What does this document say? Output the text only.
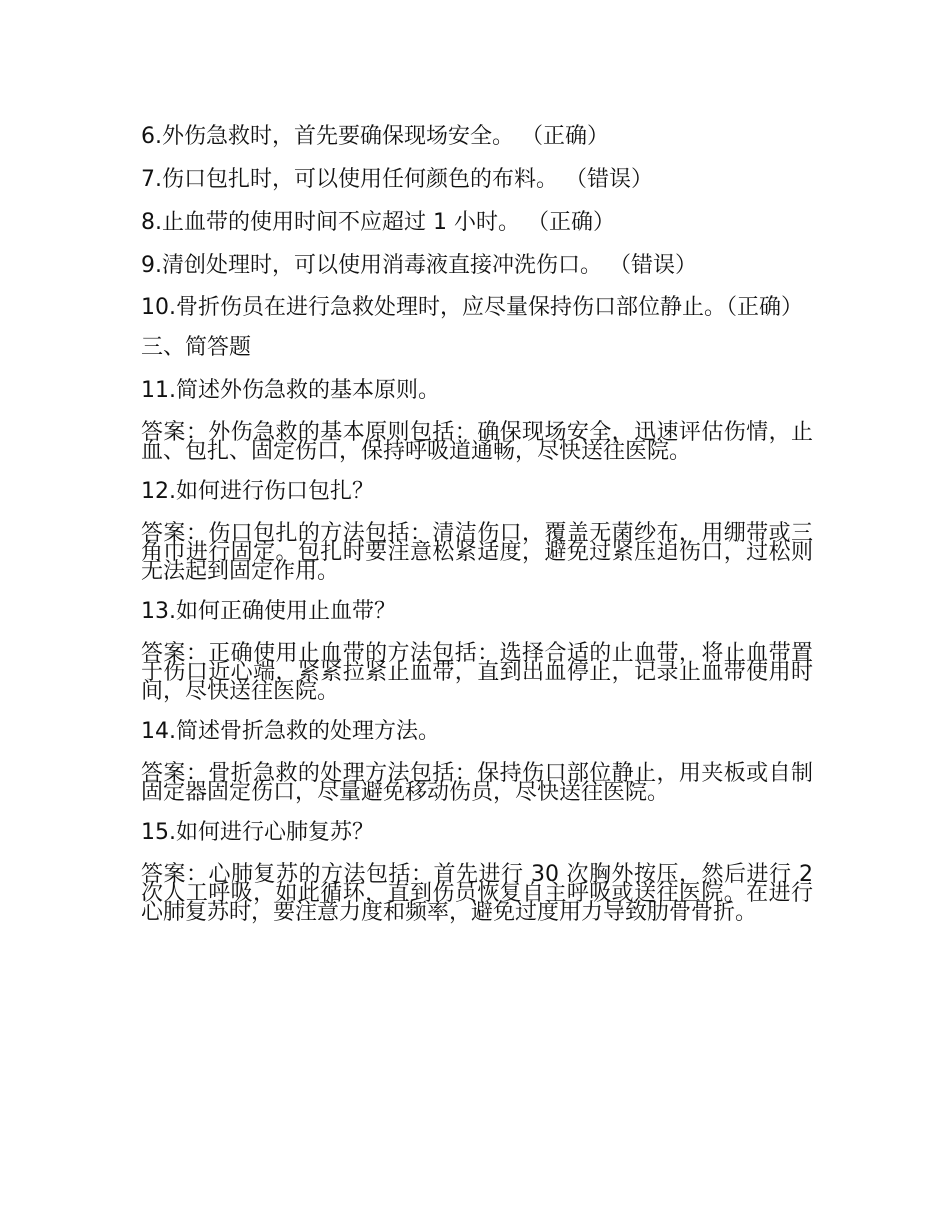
6.外伤急救时，首先要确保现场安全。 （正确）

7.伤口包扎时，可以使用任何颜色的布料。 （错误）

8.止血带的使用时间不应超过 1 小时。 （正确）

9.清创处理时，可以使用消毒液直接冲洗伤口。 （错误）

10.骨折伤员在进行急救处理时，应尽量保持伤口部位静止。（正确）

三、简答题

11.简述外伤急救的基本原则。

答案：外伤急救的基本原则包括：确保现场安全，迅速评估伤情，止血、包扎、固定伤口，保持呼吸道通畅，尽快送往医院。

12.如何进行伤口包扎？

答案：伤口包扎的方法包括：清洁伤口，覆盖无菌纱布，用绷带或三角巾进行固定。包扎时要注意松紧适度，避免过紧压迫伤口，过松则无法起到固定作用。

13.如何正确使用止血带？

答案：正确使用止血带的方法包括：选择合适的止血带，将止血带置于伤口近心端，紧紧拉紧止血带，直到出血停止，记录止血带使用时间，尽快送往医院。

14.简述骨折急救的处理方法。

答案：骨折急救的处理方法包括：保持伤口部位静止，用夹板或自制固定器固定伤口，尽量避免移动伤员，尽快送往医院。

15.如何进行心肺复苏？

答案：心肺复苏的方法包括：首先进行 30 次胸外按压，然后进行 2 次人工呼吸，如此循环，直到伤员恢复自主呼吸或送往医院。在进行心肺复苏时，要注意力度和频率，避免过度用力导致肋骨骨折。
